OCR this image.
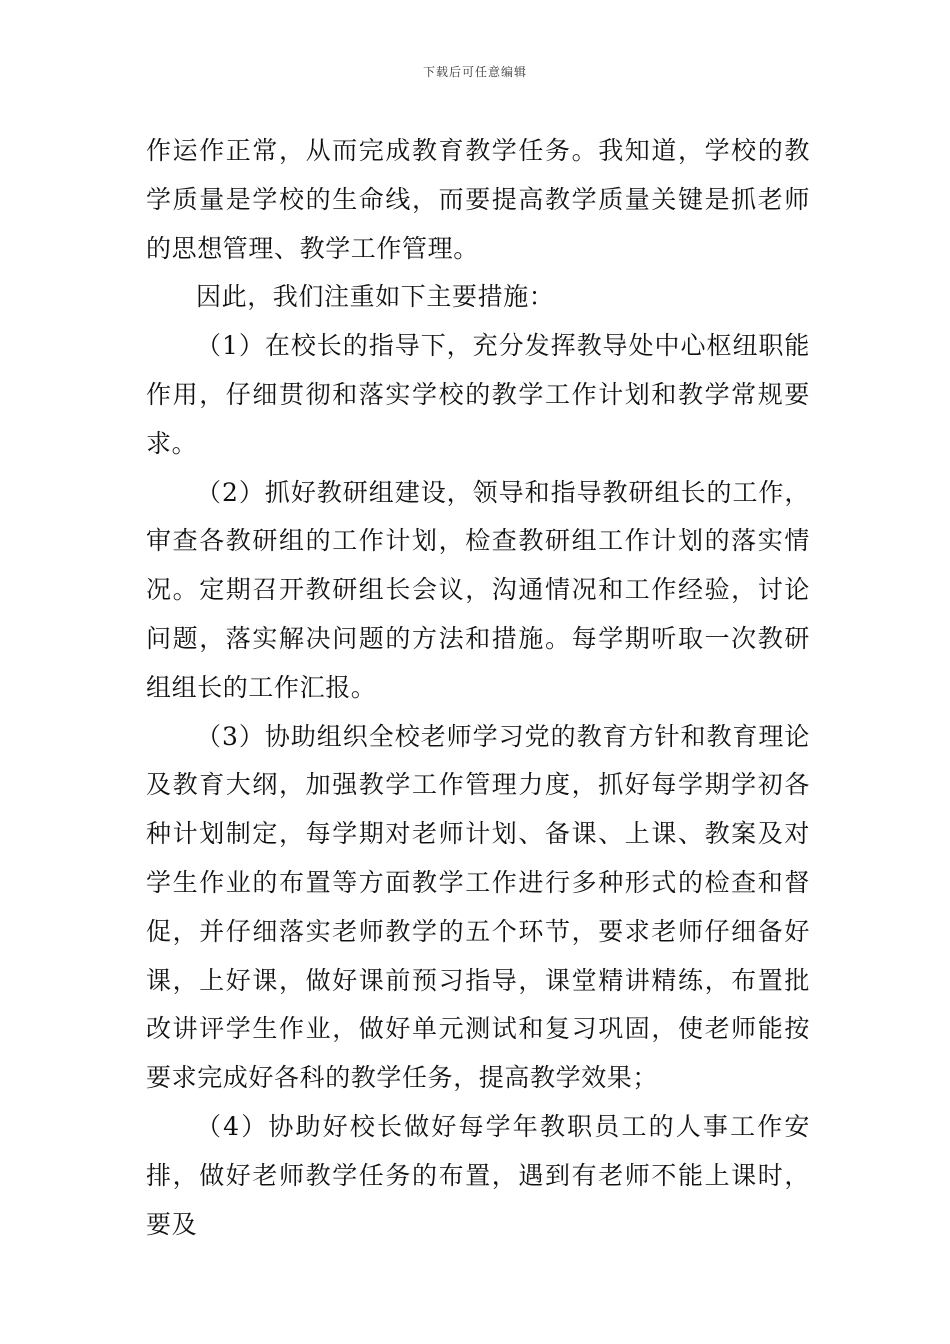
下载后可任意编辑

作运作正常，从而完成教育教学任务。我知道，学校的教学质量是学校的生命线，而要提高教学质量关键是抓老师的思想管理、教学工作管理。

因此，我们注重如下主要措施：

（1）在校长的指导下，充分发挥教导处中心枢纽职能作用，仔细贯彻和落实学校的教学工作计划和教学常规要求。

（2）抓好教研组建设，领导和指导教研组长的工作，审查各教研组的工作计划，检查教研组工作计划的落实情况。定期召开教研组长会议，沟通情况和工作经验，讨论问题，落实解决问题的方法和措施。每学期听取一次教研组组长的工作汇报。

（3）协助组织全校老师学习党的教育方针和教育理论及教育大纲，加强教学工作管理力度，抓好每学期学初各种计划制定，每学期对老师计划、备课、上课、教案及对学生作业的布置等方面教学工作进行多种形式的检查和督促，并仔细落实老师教学的五个环节，要求老师仔细备好课，上好课，做好课前预习指导，课堂精讲精练，布置批改讲评学生作业，做好单元测试和复习巩固，使老师能按要求完成好各科的教学任务，提高教学效果；

（4）协助好校长做好每学年教职员工的人事工作安排，做好老师教学任务的布置，遇到有老师不能上课时，要及
